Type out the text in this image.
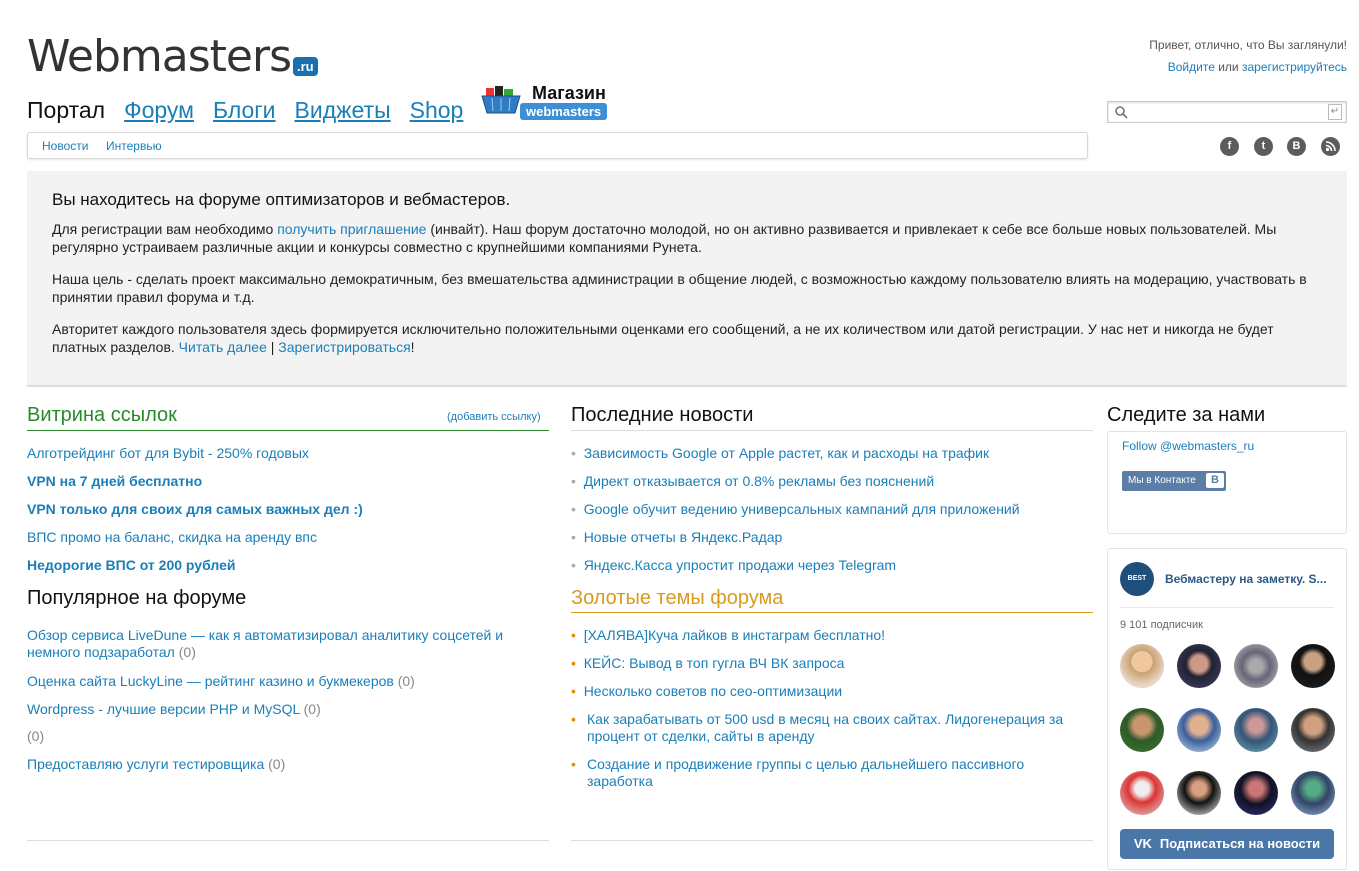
Webmasters .ru
Привет, отлично, что Вы заглянули!
Войдите или зарегистрируйтесь
Портал Форум Блоги Виджеты Shop
Магазин
webmasters	↵
Новости Интервью	f	t	B
Вы находитесь на форуме оптимизаторов и вебмастеров.

Для регистрации вам необходимо получить приглашение (инвайт). Наш форум достаточно молодой, но он активно развивается и привлекает к себе все больше новых пользователей. Мы регулярно устраиваем различные акции и конкурсы совместно с крупнейшими компаниями Рунета.

Наша цель - сделать проект максимально демократичным, без вмешательства администрации в общение людей, с возможностью каждому пользователю влиять на модерацию, участвовать в принятии правил форума и т.д.

Авторитет каждого пользователя здесь формируется исключительно положительными оценками его сообщений, а не их количеством или датой регистрации. У нас нет и никогда не будет платных разделов. Читать далее | Зарегистрироваться!

Витрина ссылок	(добавить ссылку)
Алготрейдинг бот для Bybit - 250% годовых
VPN на 7 дней бесплатно
VPN только для своих для самых важных дел :)
ВПС промо на баланс, скидка на аренду впс
Недорогие ВПС от 200 рублей
Популярное на форуме
Обзор сервиса LiveDune — как я автоматизировал аналитику соцсетей и
немного подзаработал (0)
Оценка сайта LuckyLine — рейтинг казино и букмекеров (0)
Wordpress - лучшие версии PHP и MySQL (0)
(0)
Предоставляю услуги тестировщика (0)
Последние новости
• Зависимость Google от Apple растет, как и расходы на трафик
• Директ отказывается от 0.8% рекламы без пояснений
• Google обучит ведению универсальных кампаний для приложений
• Новые отчеты в Яндекс.Радар
• Яндекс.Касса упростит продажи через Telegram
Золотые темы форума
• [ХАЛЯВА]Куча лайков в инстаграм бесплатно!
• КЕЙС: Вывод в топ гугла ВЧ ВК запроса
• Несколько советов по сео-оптимизации
• Как зарабатывать от 500 usd в месяц на своих сайтах. Лидогенерация за
процент от сделки, сайты в аренду
• Создание и продвижение группы с целью дальнейшего пассивного
заработка
Следите за нами
Follow @webmasters_ru
Мы в Контакте	B
BEST FORUM
Вебмастеру на заметку. S...
9 101 подписчик
VK Подписаться на новости
